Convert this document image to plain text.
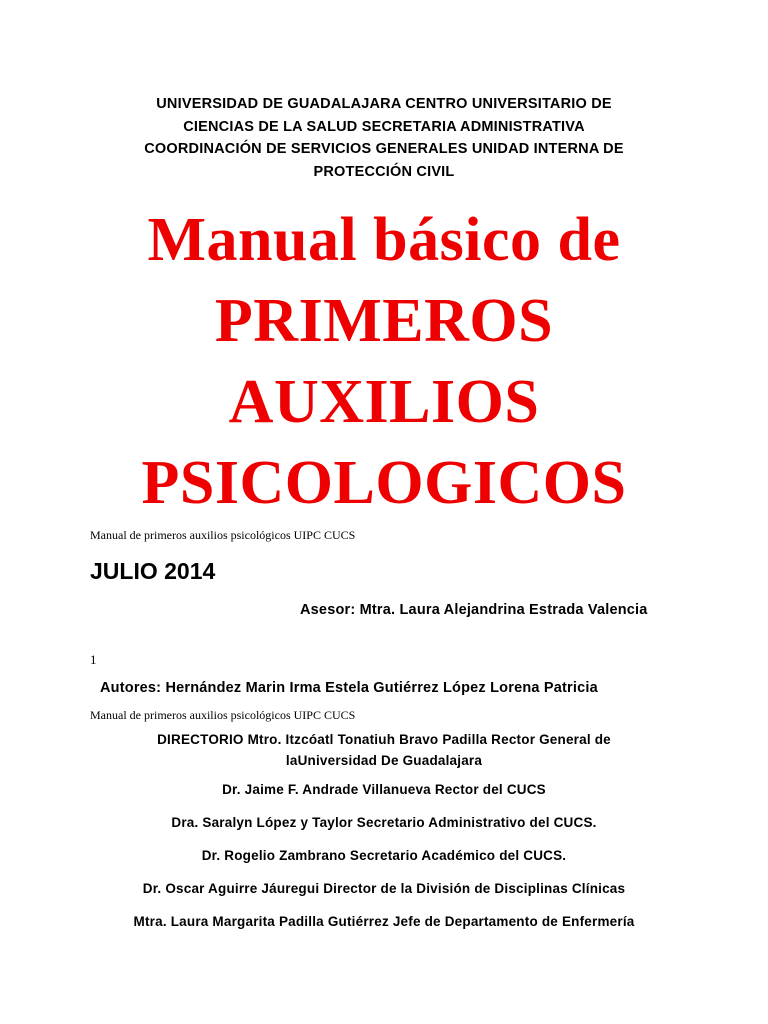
UNIVERSIDAD DE GUADALAJARA CENTRO UNIVERSITARIO DE
CIENCIAS DE LA SALUD SECRETARIA ADMINISTRATIVA
COORDINACIÓN DE SERVICIOS GENERALES UNIDAD INTERNA DE
PROTECCIÓN CIVIL
Manual básico de
PRIMEROS
AUXILIOS
PSICOLOGICOS
Manual de primeros auxilios psicológicos UIPC CUCS
JULIO 2014
Asesor: Mtra. Laura Alejandrina Estrada Valencia
1
Autores: Hernández Marin Irma Estela Gutiérrez López Lorena Patricia
Manual de primeros auxilios psicológicos UIPC CUCS
DIRECTORIO Mtro. Itzcóatl Tonatiuh Bravo Padilla Rector General de
laUniversidad De Guadalajara
Dr. Jaime F. Andrade Villanueva Rector del CUCS
Dra. Saralyn López y Taylor Secretario Administrativo del CUCS.
Dr. Rogelio Zambrano Secretario Académico del CUCS.
Dr. Oscar Aguirre Jáuregui Director de la División de Disciplinas Clínicas
Mtra. Laura Margarita Padilla Gutiérrez Jefe de Departamento de Enfermería
